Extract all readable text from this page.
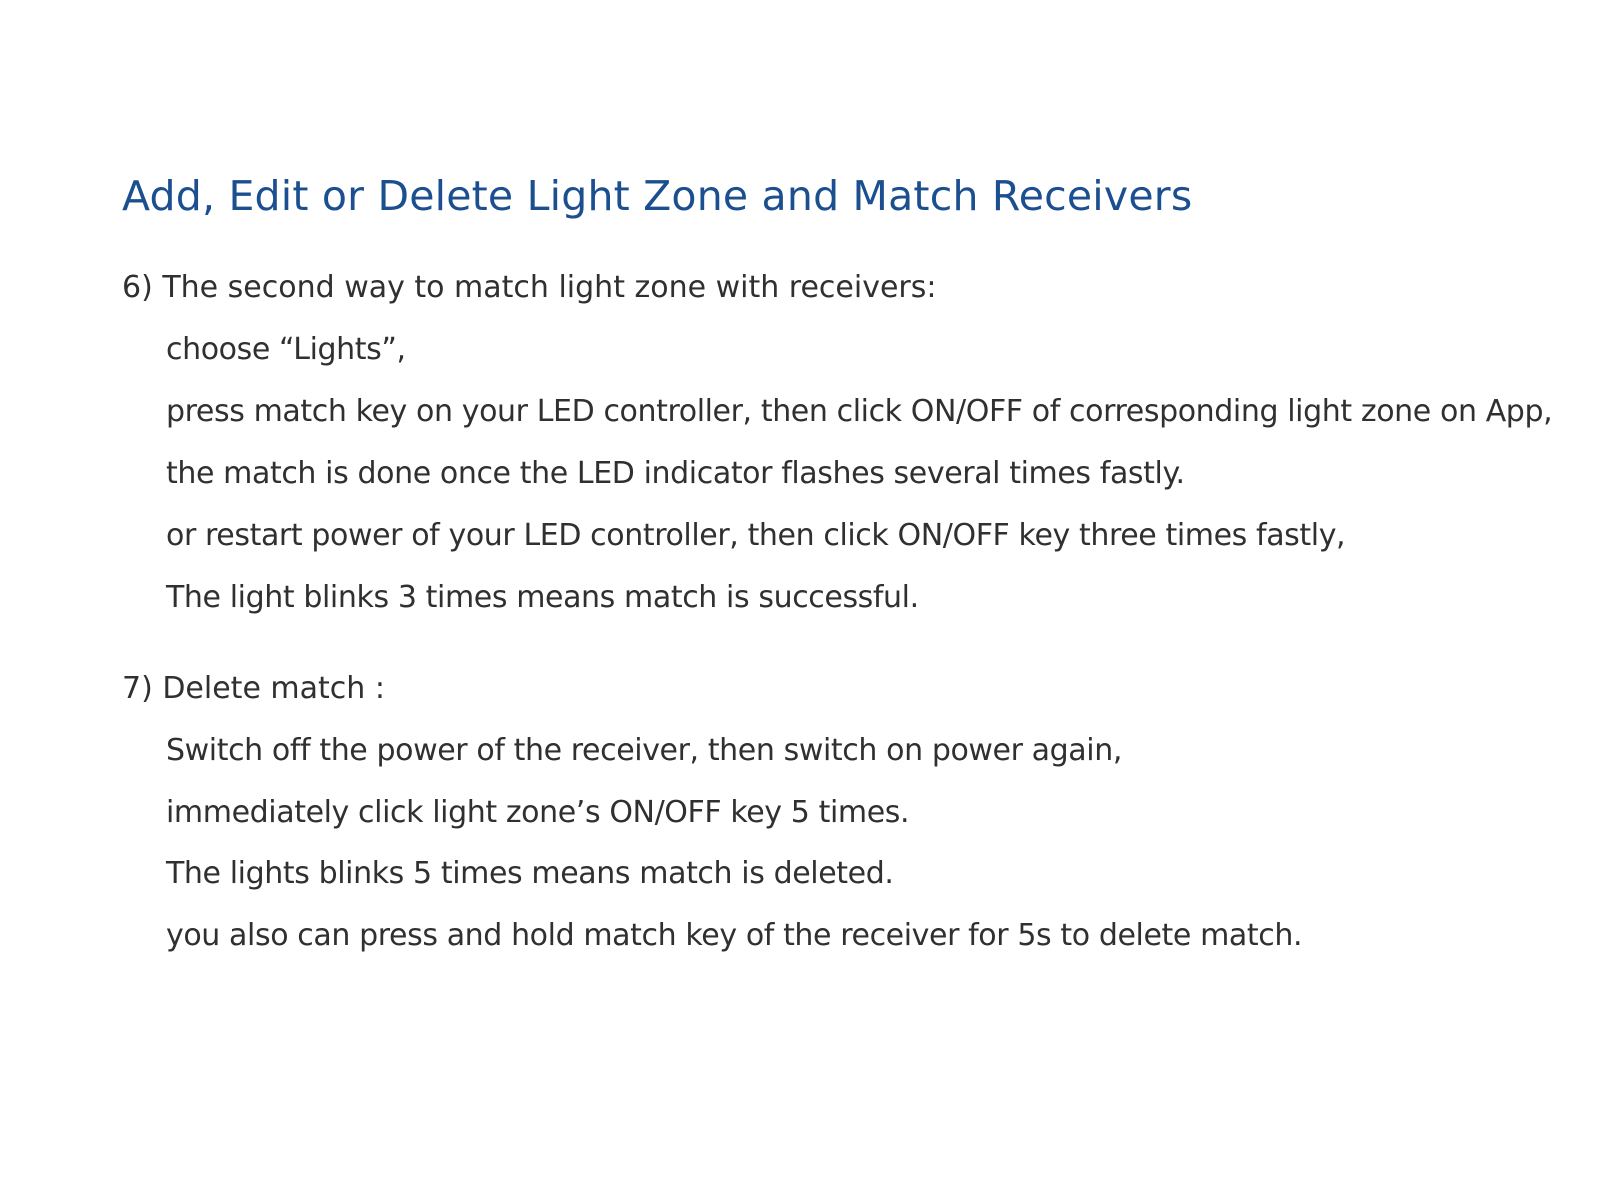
Add, Edit or Delete Light Zone and Match Receivers

6) The second way to match light zone with receivers:

choose “Lights”,
press match key on your LED controller, then click ON/OFF of corresponding light zone on App,
the match is done once the LED indicator flashes several times fastly.
or restart power of your LED controller, then click ON/OFF key three times fastly,
The light blinks 3 times means match is successful.

7) Delete match :

Switch off the power of the receiver, then switch on power again,
immediately click light zone’s ON/OFF key 5 times.
The lights blinks 5 times means match is deleted.
you also can press and hold match key of the receiver for 5s to delete match.
